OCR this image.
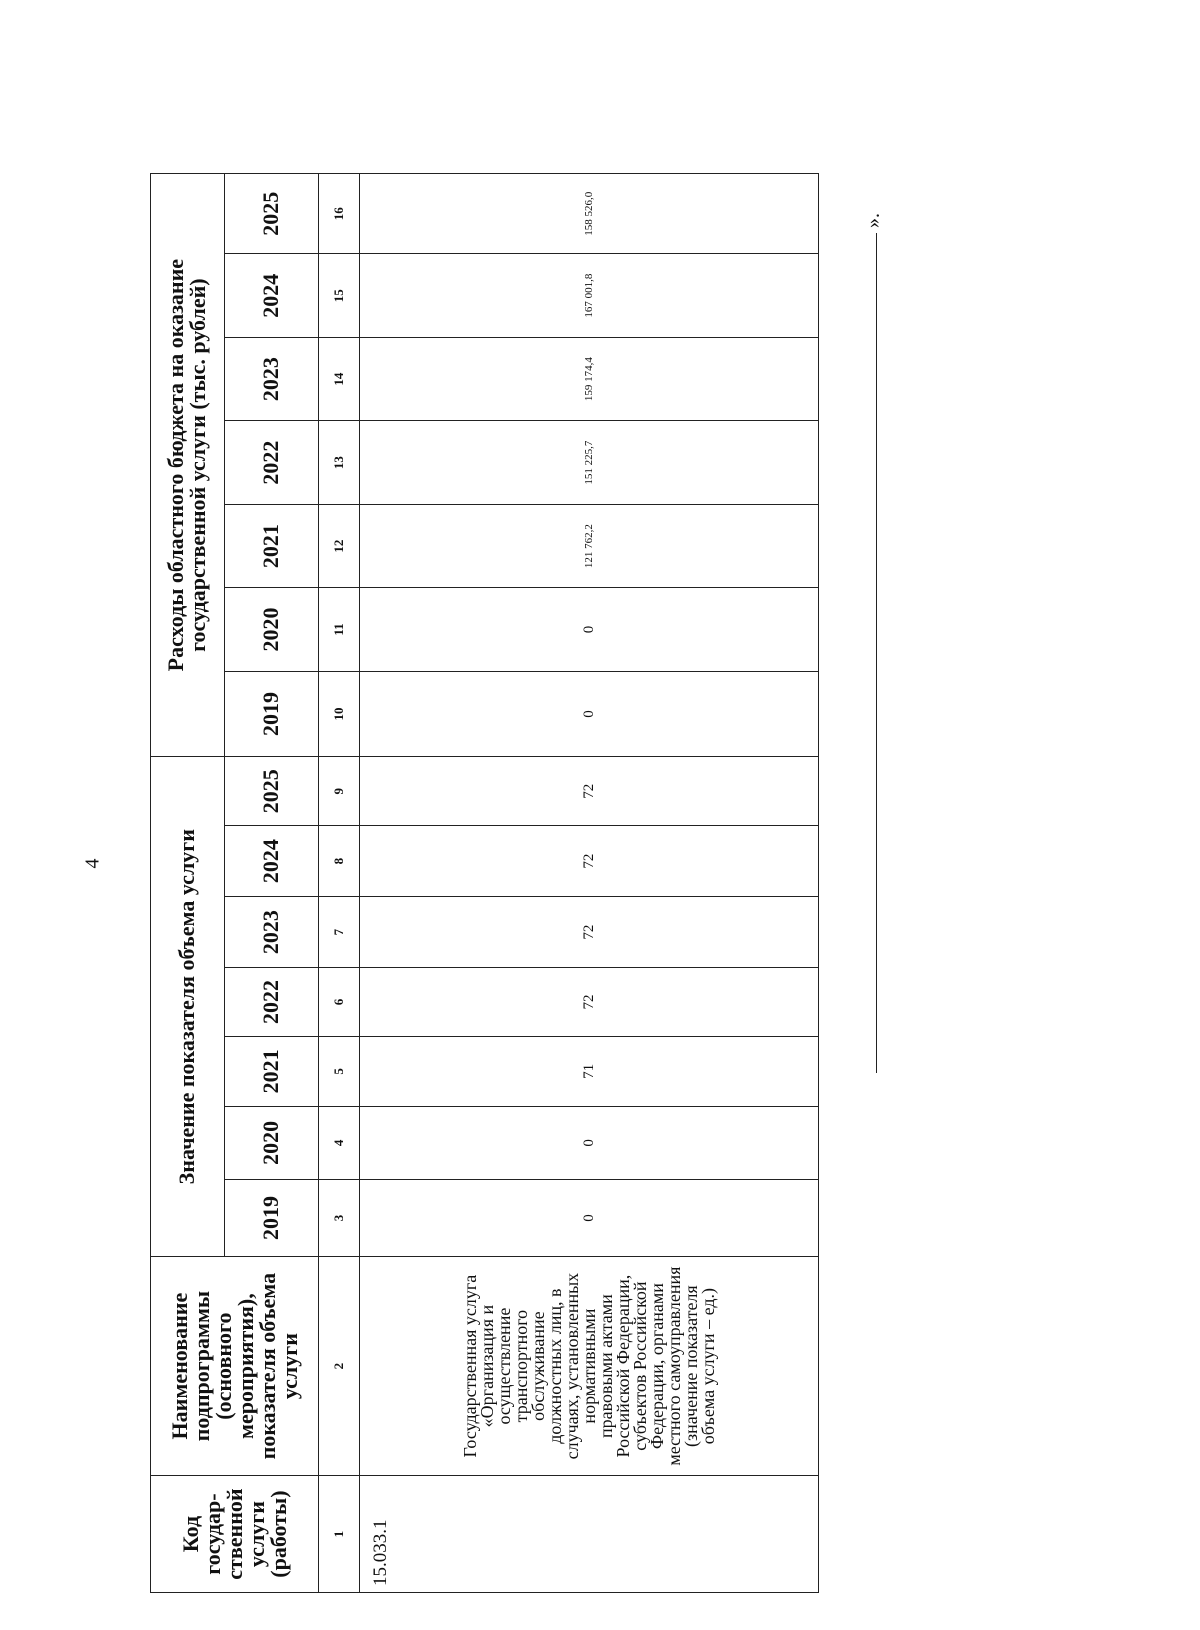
4
Код государ-ственной услуги (работы)	Наименование подпрограммы (основного мероприятия), показателя объема услуги	Значение показателя объема услуги							Расходы областного бюджета на оказание государственной услуги (тыс. рублей)						
		2019	2020	2021	2022	2023	2024	2025	2019	2020	2021	2022	2023	2024	2025
1	2	3	4	5	6	7	8	9	10	11	12	13	14	15	16
15.033.1	Государственная услуга «Организация и осуществление транспортного обслуживание должностных лиц, в случаях, установленных нормативными правовыми актами Российской Федерации, субъектов Российской Федерации, органами местного самоуправления (значение показателя объема услуги – ед.)	0	0	71	72	72	72	72	0	0	121 762,2	151 225,7	159 174,4	167 001,8	158 526,0	».
